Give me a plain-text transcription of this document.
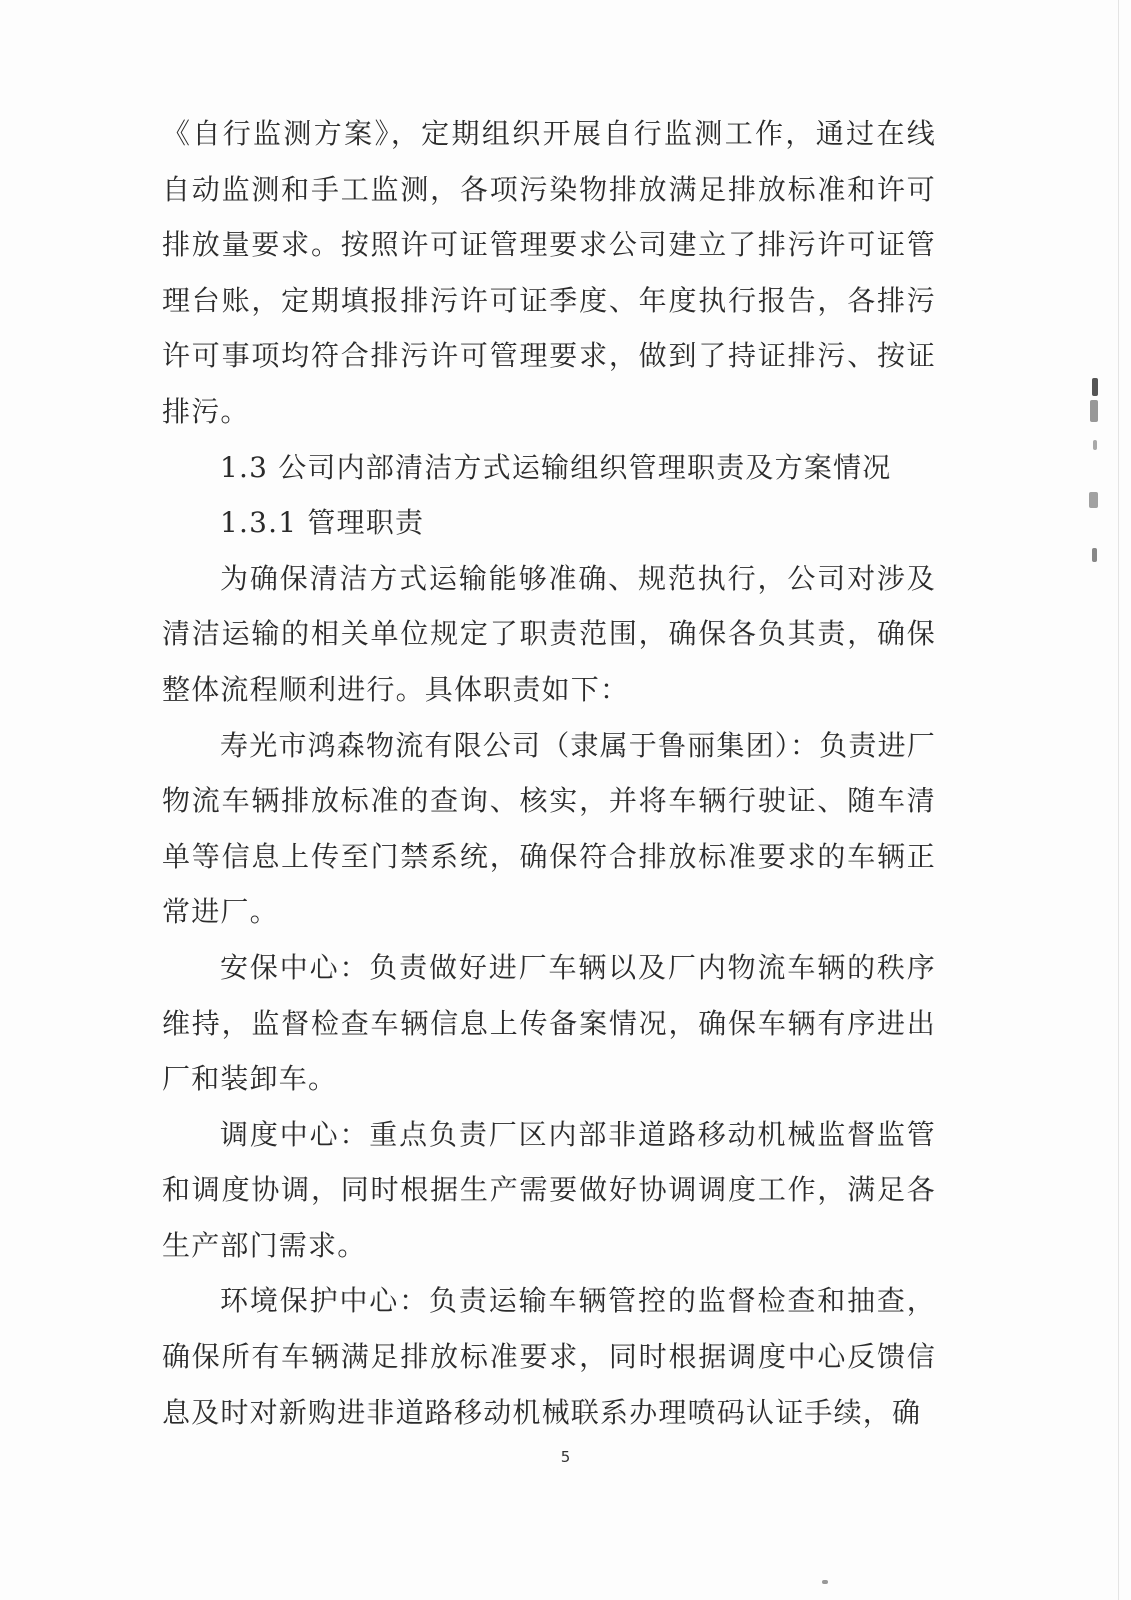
《自行监测方案》，定期组织开展自行监测工作，通过在线自动监测和手工监测，各项污染物排放满足排放标准和许可排放量要求。按照许可证管理要求公司建立了排污许可证管理台账，定期填报排污许可证季度、年度执行报告，各排污许可事项均符合排污许可管理要求，做到了持证排污、按证排污。

1.3 公司内部清洁方式运输组织管理职责及方案情况

1.3.1 管理职责

为确保清洁方式运输能够准确、规范执行，公司对涉及清洁运输的相关单位规定了职责范围，确保各负其责，确保整体流程顺利进行。具体职责如下：

寿光市鸿森物流有限公司（隶属于鲁丽集团）：负责进厂物流车辆排放标准的查询、核实，并将车辆行驶证、随车清单等信息上传至门禁系统，确保符合排放标准要求的车辆正常进厂。

安保中心：负责做好进厂车辆以及厂内物流车辆的秩序维持，监督检查车辆信息上传备案情况，确保车辆有序进出厂和装卸车。

调度中心：重点负责厂区内部非道路移动机械监督监管和调度协调，同时根据生产需要做好协调调度工作，满足各生产部门需求。

环境保护中心：负责运输车辆管控的监督检查和抽查，确保所有车辆满足排放标准要求，同时根据调度中心反馈信息及时对新购进非道路移动机械联系办理喷码认证手续，确

5
